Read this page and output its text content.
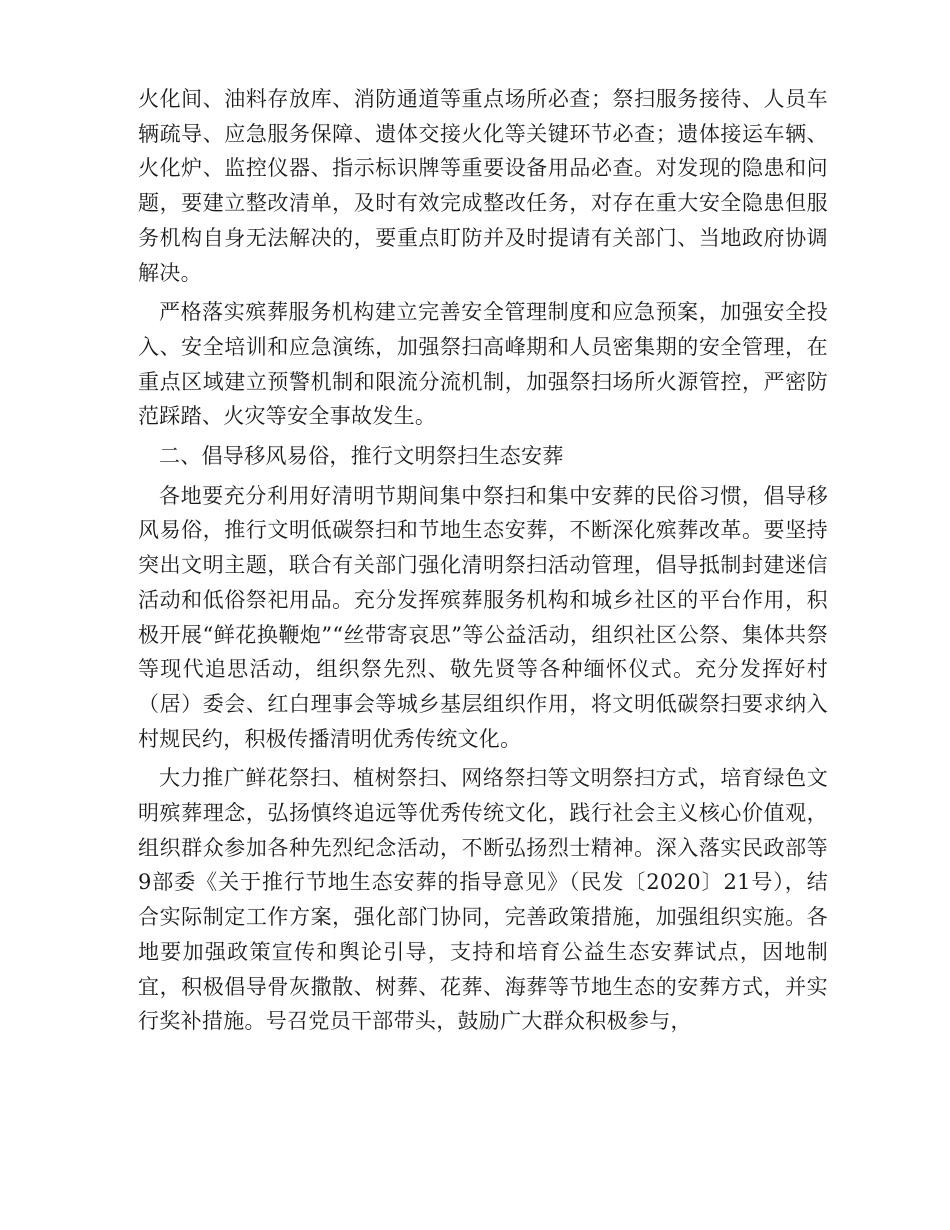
火化间、油料存放库、消防通道等重点场所必查；祭扫服务接待、人员车辆疏导、应急服务保障、遗体交接火化等关键环节必查；遗体接运车辆、火化炉、监控仪器、指示标识牌等重要设备用品必查。对发现的隐患和问题，要建立整改清单，及时有效完成整改任务，对存在重大安全隐患但服务机构自身无法解决的，要重点盯防并及时提请有关部门、当地政府协调解决。

严格落实殡葬服务机构建立完善安全管理制度和应急预案，加强安全投入、安全培训和应急演练，加强祭扫高峰期和人员密集期的安全管理，在重点区域建立预警机制和限流分流机制，加强祭扫场所火源管控，严密防范踩踏、火灾等安全事故发生。

二、倡导移风易俗，推行文明祭扫生态安葬

各地要充分利用好清明节期间集中祭扫和集中安葬的民俗习惯，倡导移风易俗，推行文明低碳祭扫和节地生态安葬，不断深化殡葬改革。要坚持突出文明主题，联合有关部门强化清明祭扫活动管理，倡导抵制封建迷信活动和低俗祭祀用品。充分发挥殡葬服务机构和城乡社区的平台作用，积极开展“鲜花换鞭炮”“丝带寄哀思”等公益活动，组织社区公祭、集体共祭等现代追思活动，组织祭先烈、敬先贤等各种缅怀仪式。充分发挥好村（居）委会、红白理事会等城乡基层组织作用，将文明低碳祭扫要求纳入村规民约，积极传播清明优秀传统文化。

大力推广鲜花祭扫、植树祭扫、网络祭扫等文明祭扫方式，培育绿色文明殡葬理念，弘扬慎终追远等优秀传统文化，践行社会主义核心价值观，组织群众参加各种先烈纪念活动，不断弘扬烈士精神。深入落实民政部等9部委《关于推行节地生态安葬的指导意见》（民发〔2020〕21号），结合实际制定工作方案，强化部门协同，完善政策措施，加强组织实施。各地要加强政策宣传和舆论引导，支持和培育公益生态安葬试点，因地制宜，积极倡导骨灰撒散、树葬、花葬、海葬等节地生态的安葬方式，并实行奖补措施。号召党员干部带头，鼓励广大群众积极参与，
